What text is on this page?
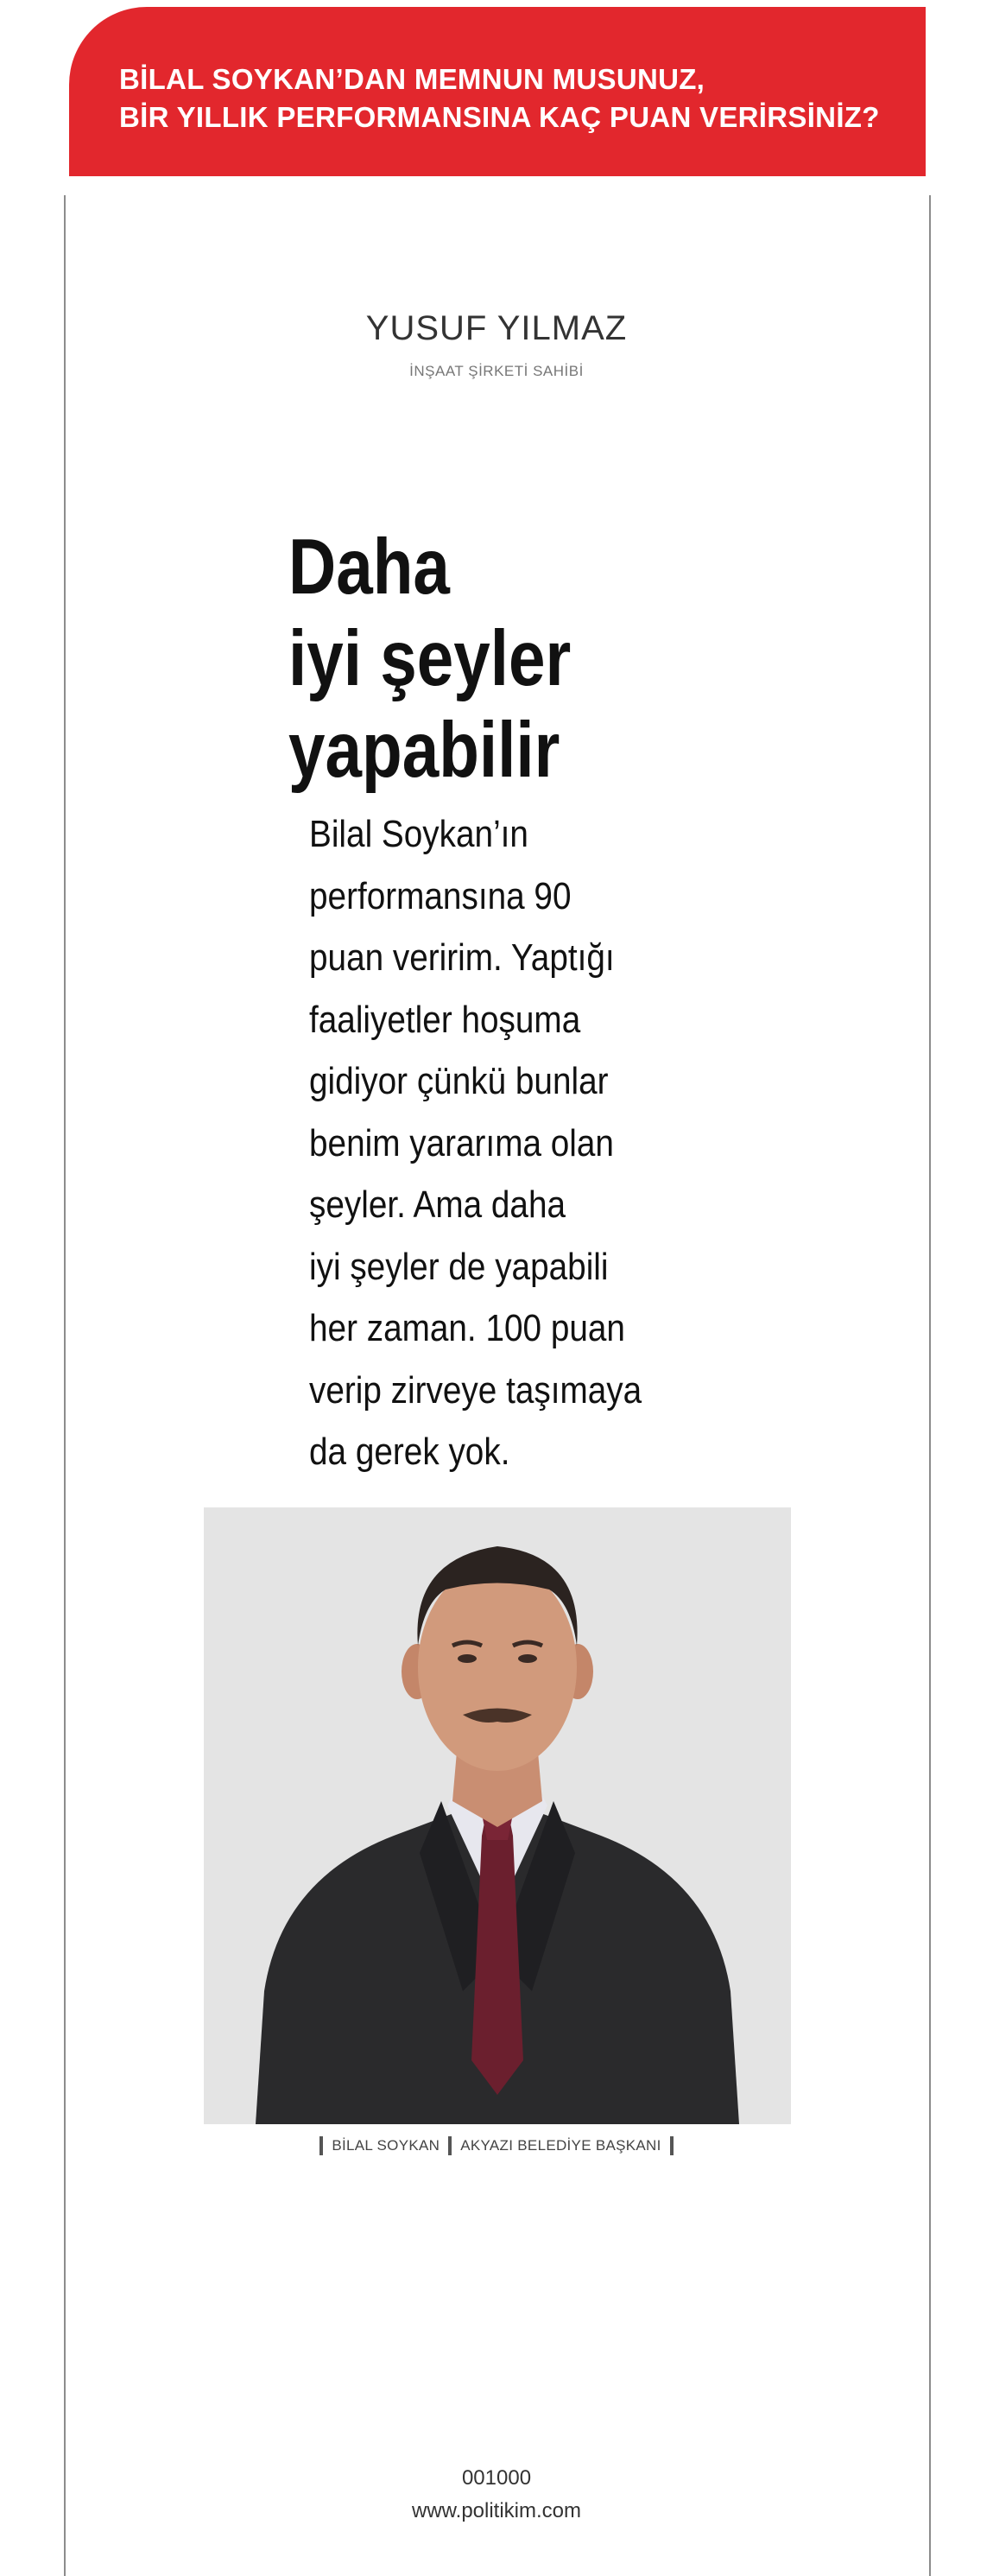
BİLAL SOYKAN’DAN MEMNUN MUSUNUZ,
BİR YILLIK PERFORMANSINA KAÇ PUAN VERİRSİNİZ?
YUSUF YILMAZ
İNŞAAT ŞİRKETİ SAHİBİ
Daha
iyi şeyler
yapabilir
Bilal Soykan’ın
performansına 90
puan veririm. Yaptığı
faaliyetler hoşuma
gidiyor çünkü bunlar
benim yararıma olan
şeyler. Ama daha
iyi şeyler de yapabili
her zaman. 100 puan
verip zirveye taşımaya
da gerek yok.
BİLAL SOYKAN AKYAZI BELEDİYE BAŞKANI
001000
www.politikim.com
